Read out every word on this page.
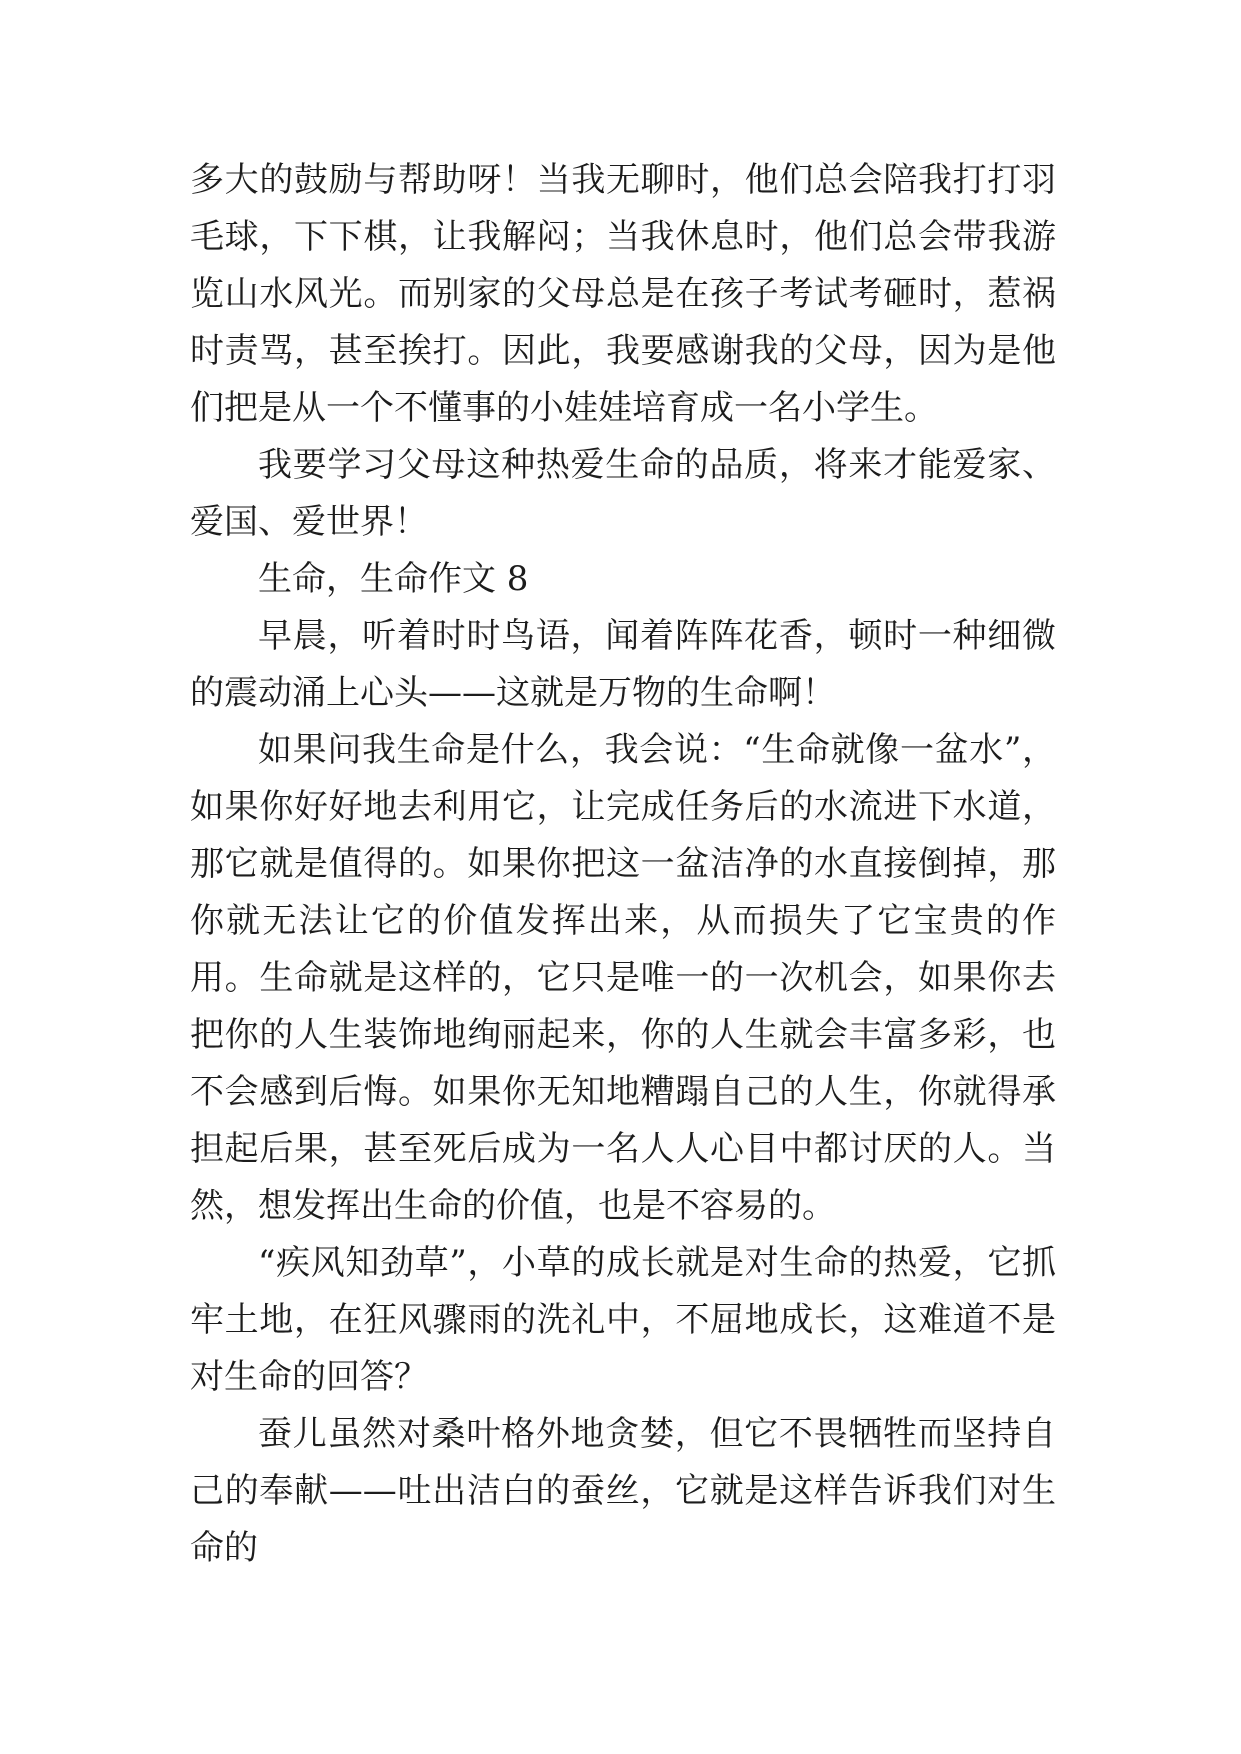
多大的鼓励与帮助呀！当我无聊时，他们总会陪我打打羽毛球，下下棋，让我解闷；当我休息时，他们总会带我游览山水风光。而别家的父母总是在孩子考试考砸时，惹祸时责骂，甚至挨打。因此，我要感谢我的父母，因为是他们把是从一个不懂事的小娃娃培育成一名小学生。

我要学习父母这种热爱生命的品质，将来才能爱家、爱国、爱世界！

生命，生命作文 8

早晨，听着时时鸟语，闻着阵阵花香，顿时一种细微的震动涌上心头——这就是万物的生命啊！

如果问我生命是什么，我会说：“生命就像一盆水”，如果你好好地去利用它，让完成任务后的水流进下水道，那它就是值得的。如果你把这一盆洁净的水直接倒掉，那你就无法让它的价值发挥出来，从而损失了它宝贵的作用。生命就是这样的，它只是唯一的一次机会，如果你去把你的人生装饰地绚丽起来，你的人生就会丰富多彩，也不会感到后悔。如果你无知地糟蹋自己的人生，你就得承担起后果，甚至死后成为一名人人心目中都讨厌的人。当然，想发挥出生命的价值，也是不容易的。

“疾风知劲草”，小草的成长就是对生命的热爱，它抓牢土地，在狂风骤雨的洗礼中，不屈地成长，这难道不是对生命的回答？

蚕儿虽然对桑叶格外地贪婪，但它不畏牺牲而坚持自己的奉献——吐出洁白的蚕丝，它就是这样告诉我们对生命的
